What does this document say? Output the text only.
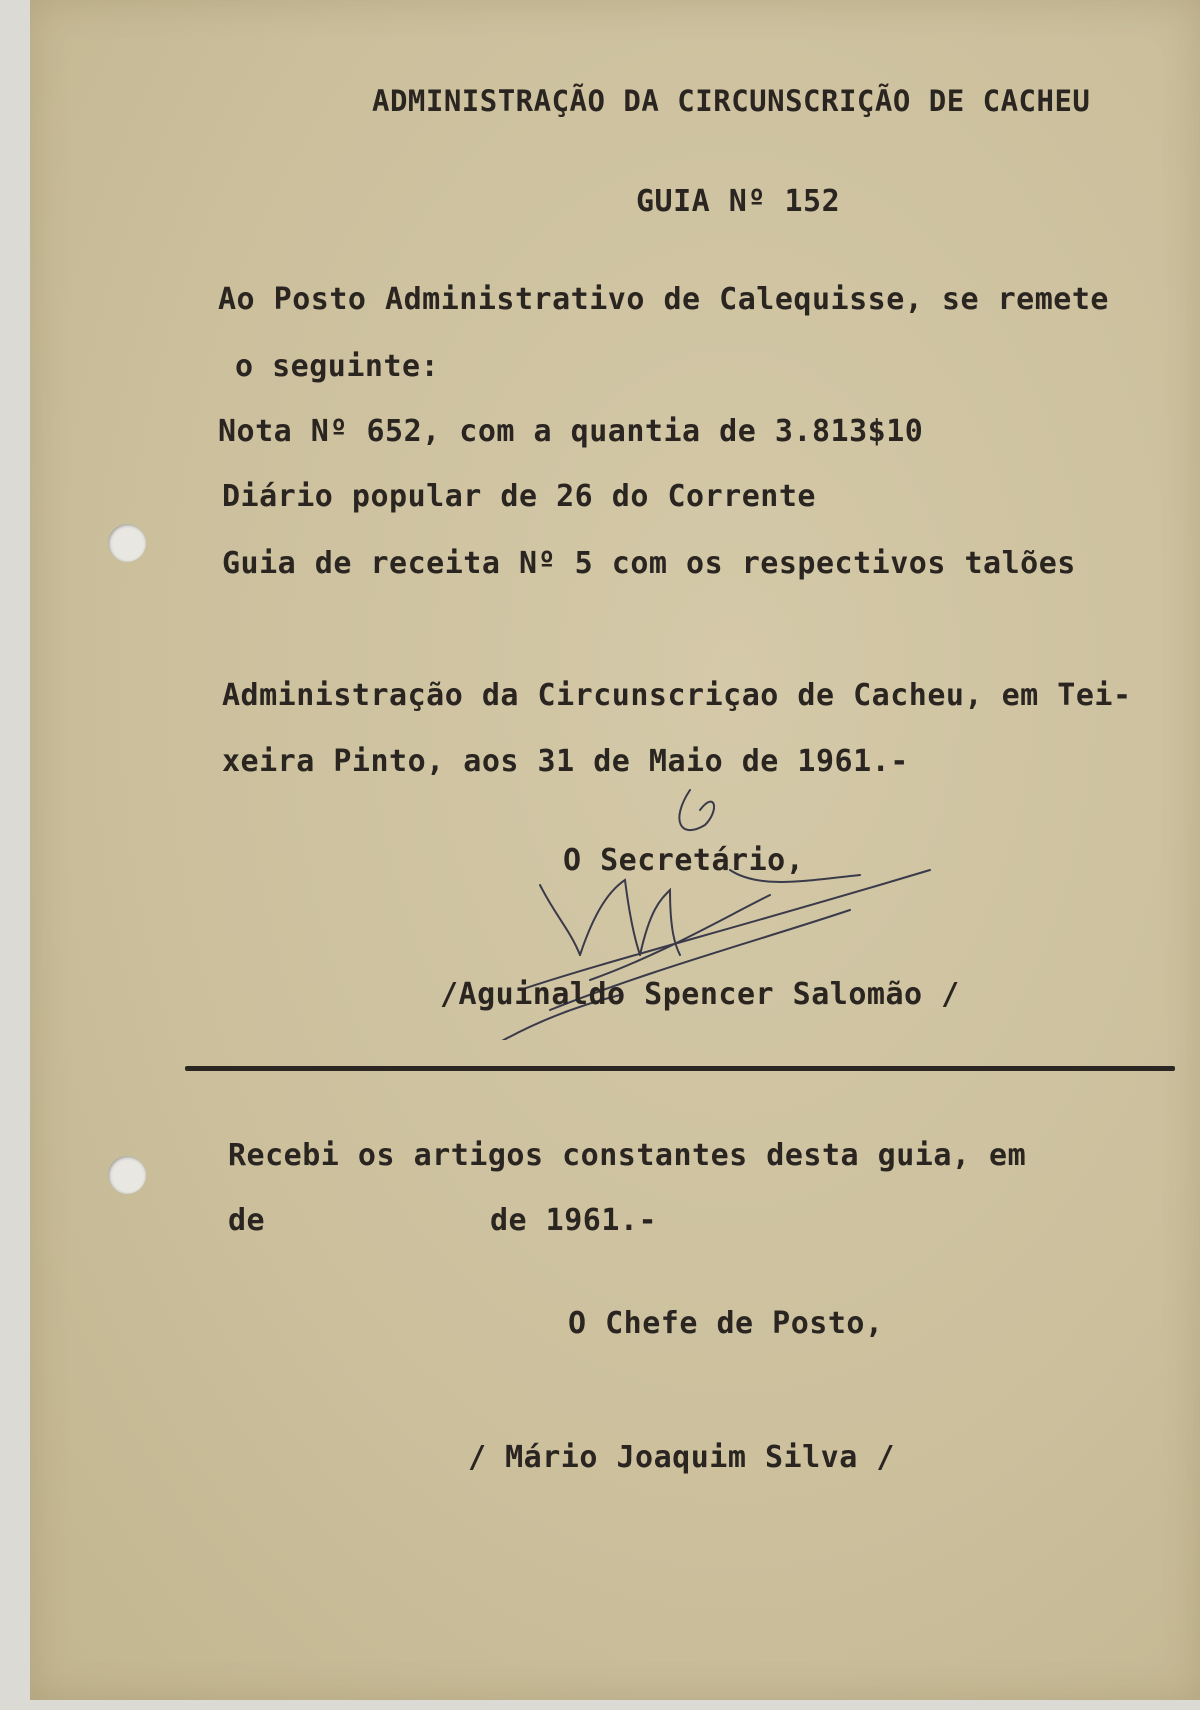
ADMINISTRAÇÃO DA CIRCUNSCRIÇÃO DE CACHEU
GUIA Nº 152
Ao Posto Administrativo de Calequisse, se remete
o seguinte:
Nota Nº 652, com a quantia de 3.813$10
Diário popular de 26 do Corrente
Guia de receita Nº 5 com os respectivos talões
Administração da Circunscriçao de Cacheu, em Tei-
xeira Pinto, aos 31 de Maio de 1961.-
O Secretário,
/Aguinaldo Spencer Salomão /
Recebi os artigos constantes desta guia, em
de	de 1961.-
O Chefe de Posto,
/ Mário Joaquim Silva /
